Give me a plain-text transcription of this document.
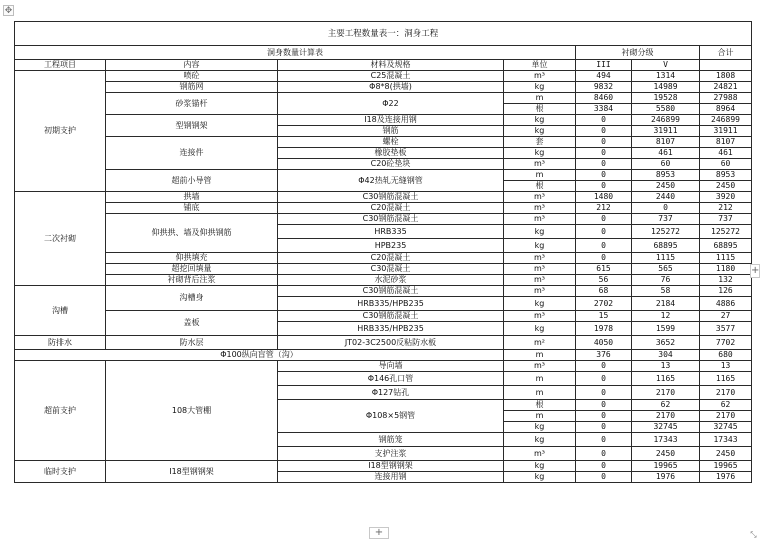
✥
主要工程数量表一：洞身工程						
洞身数量计算表				衬砌分级		合计
工程项目	内容	材料及规格	单位	III	V	
初期支护	喷砼	C25混凝土	m³	494	1314	1808
	钢筋网	Φ8*8(拱墙)	kg	9832	14989	24821
	砂浆锚杆	Φ22	m	8460	19528	27988
			根	3384	5580	8964
	型钢钢架	I18及连接用钢	kg	0	246899	246899
		钢筋	kg	0	31911	31911
	连接件	螺栓	套	0	8107	8107
		橡胶垫板	kg	0	461	461
		C20砼垫块	m³	0	60	60
	超前小导管	Φ42热轧无缝钢管	m	0	8953	8953
			根	0	2450	2450
二次衬砌	拱墙	C30钢筋混凝土	m³	1480	2440	3920
	铺底	C20混凝土	m³	212	0	212
	仰拱拱、墙及仰拱钢筋	C30钢筋混凝土	m³	0	737	737
		HRB335	kg	0	125272	125272
		HPB235	kg	0	68895	68895
	仰拱填充	C20混凝土	m³	0	1115	1115
	超挖回填量	C30混凝土	m³	615	565	1180
	衬砌背后注浆	水泥砂浆	m³	56	76	132
沟槽	沟槽身	C30钢筋混凝土	m³	68	58	126
		HRB335/HPB235	kg	2702	2184	4886
	盖板	C30钢筋混凝土	m³	15	12	27
		HRB335/HPB235	kg	1978	1599	3577
防排水	防水层	JT02-3C2500反粘防水板	m²	4050	3652	7702
Φ100纵向盲管（沟）			m	376	304	680
超前支护	108大管棚	导向墙	m³	0	13	13
		Φ146孔口管	m	0	1165	1165
		Φ127钻孔	m	0	2170	2170
		Φ108×5钢管	根	0	62	62
			m	0	2170	2170
			kg	0	32745	32745
		钢筋笼	kg	0	17343	17343
		支护注浆	m³	0	2450	2450
临时支护	I18型钢钢架	I18型钢钢架	kg	0	19965	19965
		连接用钢	kg	0	1976	1976
+
+	⤡
